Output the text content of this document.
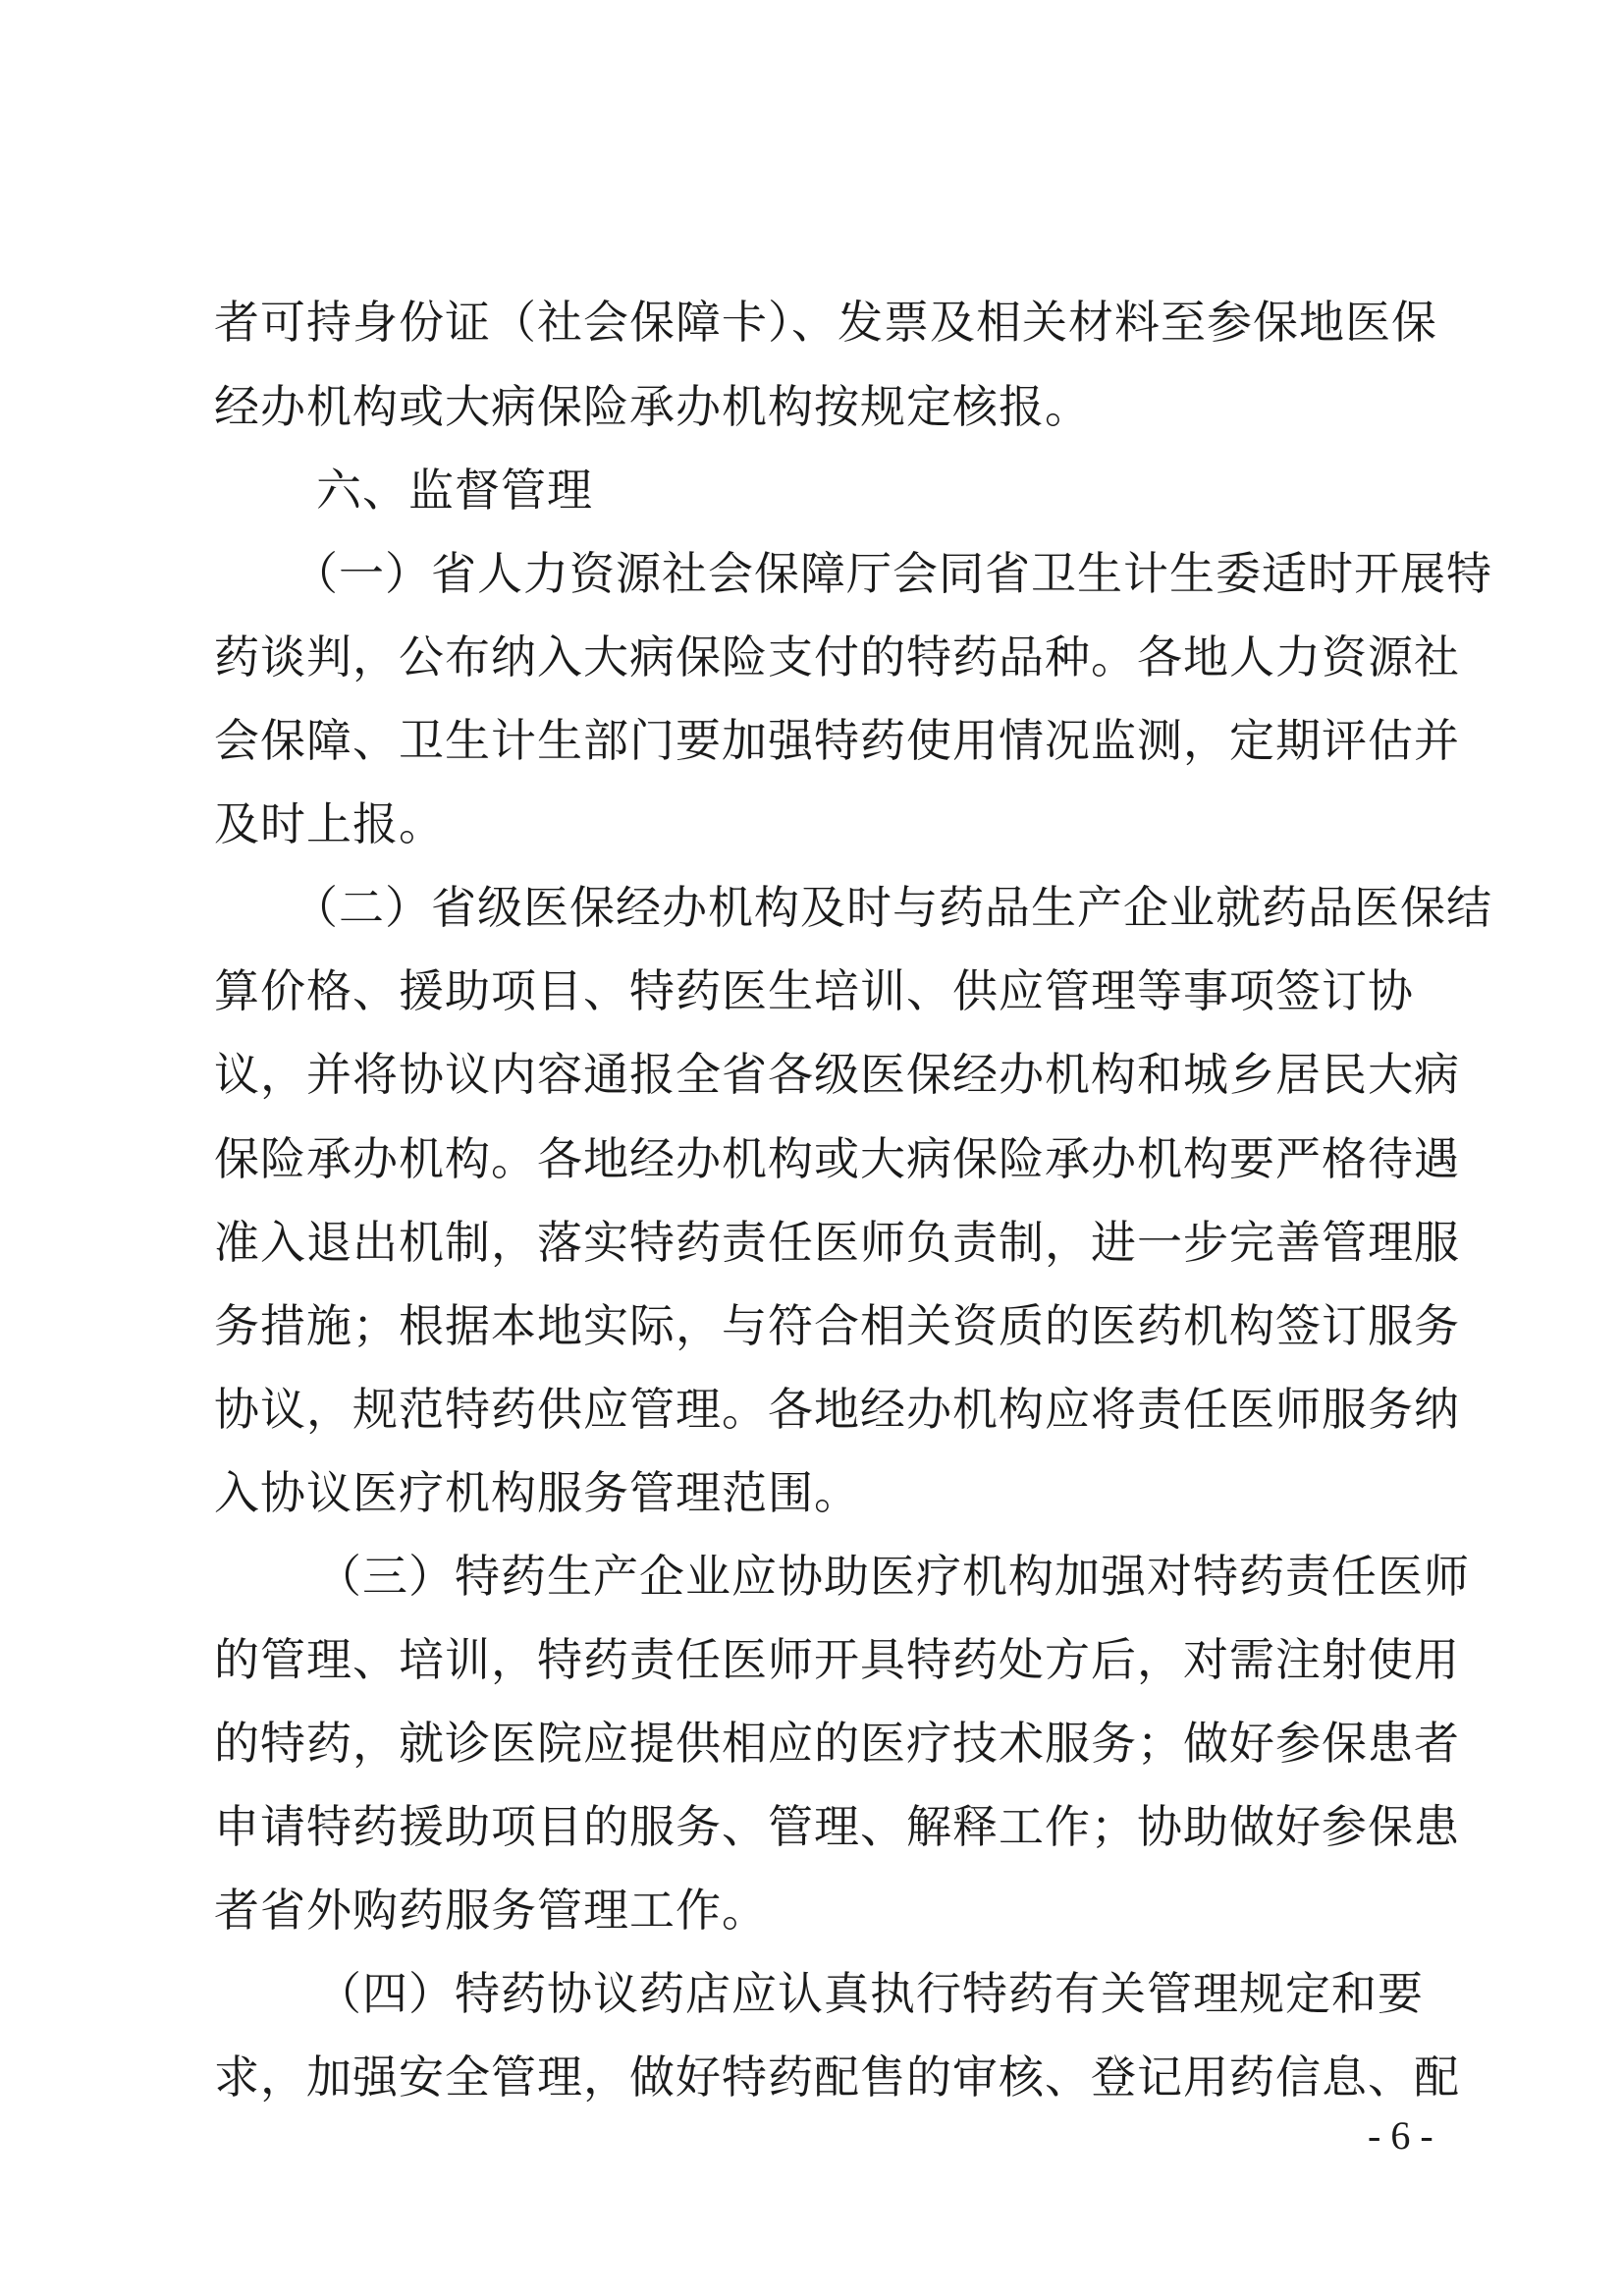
者可持身份证（社会保障卡）、发票及相关材料至参保地医保
经办机构或大病保险承办机构按规定核报。
六、监督管理
（一）省人力资源社会保障厅会同省卫生计生委适时开展特
药谈判，公布纳入大病保险支付的特药品种。各地人力资源社
会保障、卫生计生部门要加强特药使用情况监测，定期评估并
及时上报。
（二）省级医保经办机构及时与药品生产企业就药品医保结
算价格、援助项目、特药医生培训、供应管理等事项签订协
议，并将协议内容通报全省各级医保经办机构和城乡居民大病
保险承办机构。各地经办机构或大病保险承办机构要严格待遇
准入退出机制，落实特药责任医师负责制，进一步完善管理服
务措施；根据本地实际，与符合相关资质的医药机构签订服务
协议，规范特药供应管理。各地经办机构应将责任医师服务纳
入协议医疗机构服务管理范围。
（三）特药生产企业应协助医疗机构加强对特药责任医师
的管理、培训，特药责任医师开具特药处方后，对需注射使用
的特药，就诊医院应提供相应的医疗技术服务；做好参保患者
申请特药援助项目的服务、管理、解释工作；协助做好参保患
者省外购药服务管理工作。
（四）特药协议药店应认真执行特药有关管理规定和要
求，加强安全管理，做好特药配售的审核、登记用药信息、配
- 6 -
